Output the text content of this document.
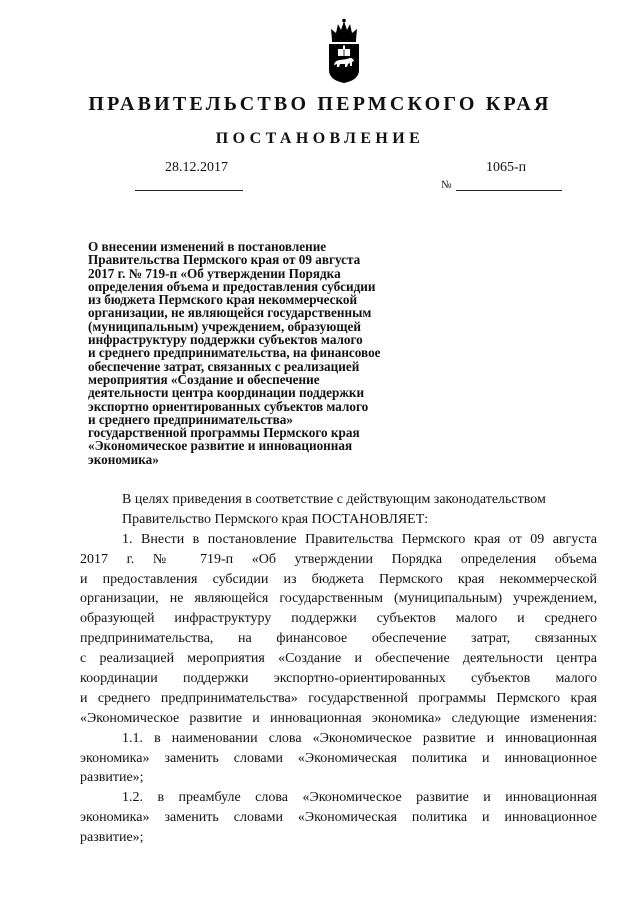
ПРАВИТЕЛЬСТВО ПЕРМСКОГО КРАЯ
ПОСТАНОВЛЕНИЕ
28.12.2017	1065-п
№
О внесении изменений в постановление
Правительства Пермского края от 09 августа
2017 г. № 719-п «Об утверждении Порядка
определения объема и предоставления субсидии
из бюджета Пермского края некоммерческой
организации, не являющейся государственным
(муниципальным) учреждением, образующей
инфраструктуру поддержки субъектов малого
и среднего предпринимательства, на финансовое
обеспечение затрат, связанных с реализацией
мероприятия «Создание и обеспечение
деятельности центра координации поддержки
экспортно ориентированных субъектов малого
и среднего предпринимательства»
государственной программы Пермского края
«Экономическое развитие и инновационная
экономика»
В целях приведения в соответствие с действующим законодательством
Правительство Пермского края ПОСТАНОВЛЯЕТ:
1. Внести в постановление Правительства Пермского края от 09 августа
2017 г. № 719-п «Об утверждении Порядка определения объема
и предоставления субсидии из бюджета Пермского края некоммерческой
организации, не являющейся государственным (муниципальным) учреждением,
образующей инфраструктуру поддержки субъектов малого и среднего
предпринимательства, на финансовое обеспечение затрат, связанных
с реализацией мероприятия «Создание и обеспечение деятельности центра
координации поддержки экспортно-ориентированных субъектов малого
и среднего предпринимательства» государственной программы Пермского края
«Экономическое развитие и инновационная экономика» следующие изменения:
1.1. в наименовании слова «Экономическое развитие и инновационная
экономика» заменить словами «Экономическая политика и инновационное
развитие»;
1.2. в преамбуле слова «Экономическое развитие и инновационная
экономика» заменить словами «Экономическая политика и инновационное
развитие»;
